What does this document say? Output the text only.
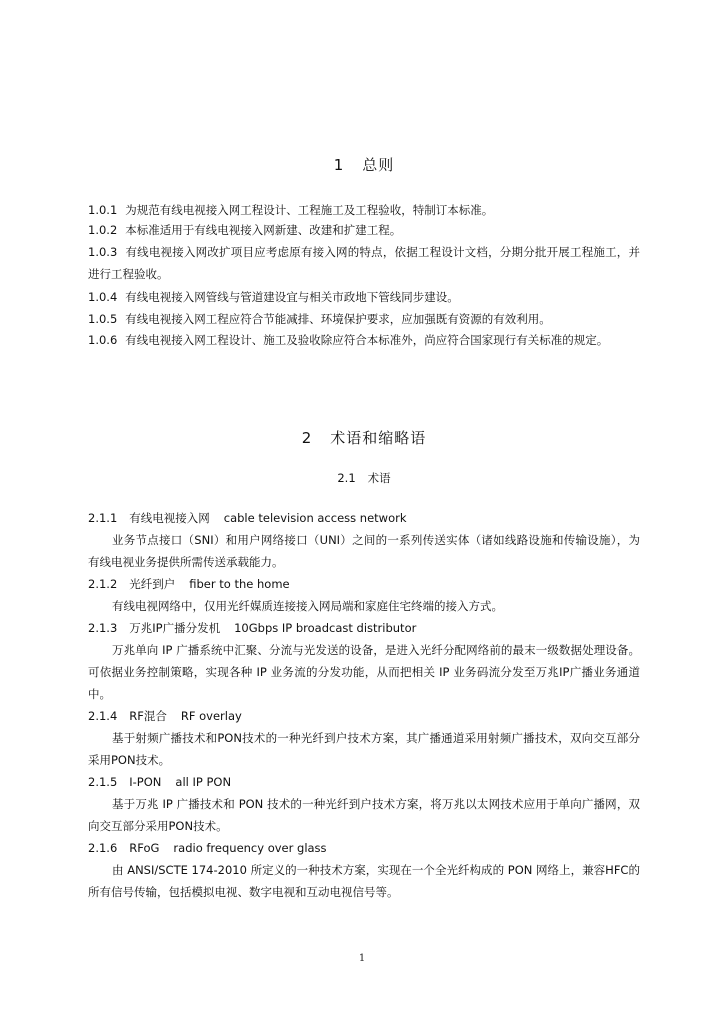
1 总则
1.0.1 为规范有线电视接入网工程设计、工程施工及工程验收，特制订本标准。
1.0.2 本标准适用于有线电视接入网新建、改建和扩建工程。
1.0.3 有线电视接入网改扩项目应考虑原有接入网的特点，依据工程设计文档，分期分批开展工程施工，并进行工程验收。
1.0.4 有线电视接入网管线与管道建设宜与相关市政地下管线同步建设。
1.0.5 有线电视接入网工程应符合节能减排、环境保护要求，应加强既有资源的有效利用。
1.0.6 有线电视接入网工程设计、施工及验收除应符合本标准外，尚应符合国家现行有关标准的规定。
2 术语和缩略语
2.1 术语
2.1.1 有线电视接入网 cable television access network
业务节点接口（SNI）和用户网络接口（UNI）之间的一系列传送实体（诸如线路设施和传输设施），为有线电视业务提供所需传送承载能力。
2.1.2 光纤到户 fiber to the home
有线电视网络中，仅用光纤媒质连接接入网局端和家庭住宅终端的接入方式。
2.1.3 万兆IP广播分发机 10Gbps IP broadcast distributor
万兆单向 IP 广播系统中汇聚、分流与光发送的设备，是进入光纤分配网络前的最末一级数据处理设备。可依据业务控制策略，实现各种 IP 业务流的分发功能，从而把相关 IP 业务码流分发至万兆IP广播业务通道中。
2.1.4 RF混合 RF overlay
基于射频广播技术和PON技术的一种光纤到户技术方案，其广播通道采用射频广播技术，双向交互部分采用PON技术。
2.1.5 I-PON all IP PON
基于万兆 IP 广播技术和 PON 技术的一种光纤到户技术方案，将万兆以太网技术应用于单向广播网，双向交互部分采用PON技术。
2.1.6 RFoG radio frequency over glass
由 ANSI/SCTE 174-2010 所定义的一种技术方案，实现在一个全光纤构成的 PON 网络上，兼容HFC的所有信号传输，包括模拟电视、数字电视和互动电视信号等。
1
